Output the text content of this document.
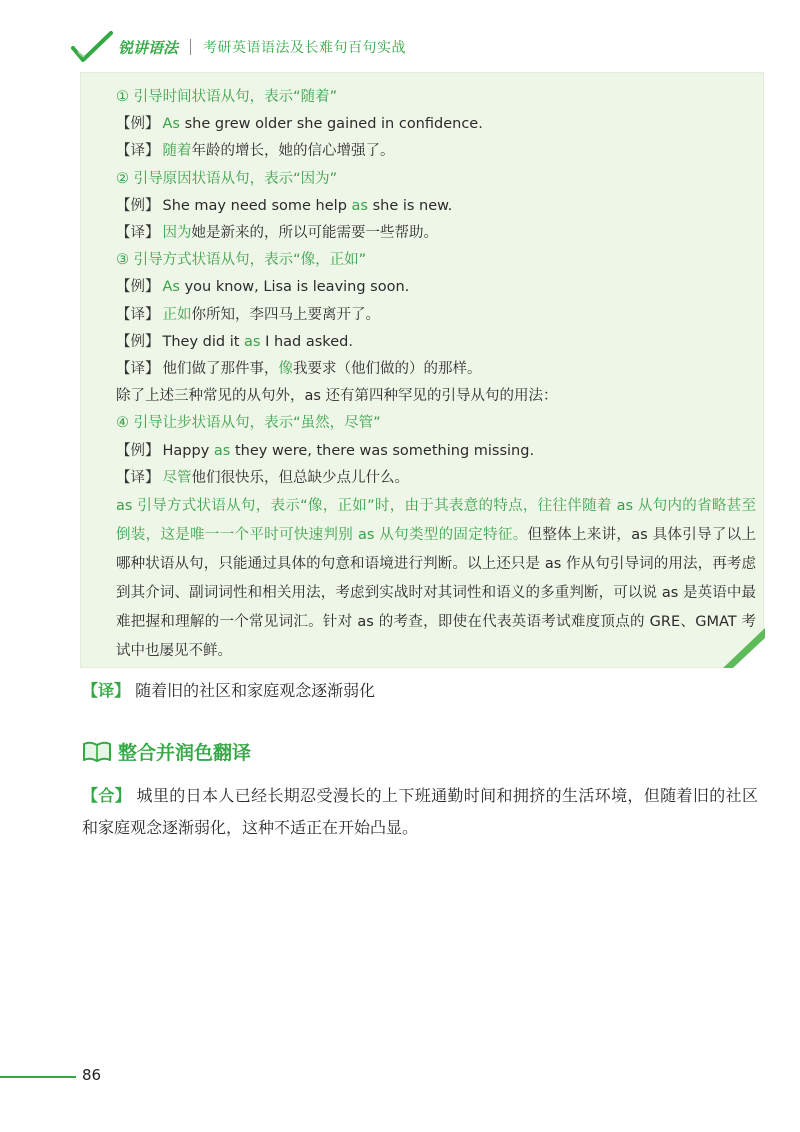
锐讲语法 考研英语语法及长难句百句实战
① 引导时间状语从句，表示“随着”
【例】 As she grew older she gained in confidence.
【译】 随着年龄的增长，她的信心增强了。
② 引导原因状语从句，表示“因为”
【例】 She may need some help as she is new.
【译】 因为她是新来的，所以可能需要一些帮助。
③ 引导方式状语从句，表示“像，正如”
【例】 As you know, Lisa is leaving soon.
【译】 正如你所知，李四马上要离开了。
【例】 They did it as I had asked.
【译】 他们做了那件事，像我要求（他们做的）的那样。
除了上述三种常见的从句外，as 还有第四种罕见的引导从句的用法：
④ 引导让步状语从句，表示“虽然，尽管”
【例】 Happy as they were, there was something missing.
【译】 尽管他们很快乐，但总缺少点儿什么。
as 引导方式状语从句，表示“像，正如”时，由于其表意的特点，往往伴随着 as 从句内的省略甚至倒装，这是唯一一个平时可快速判别 as 从句类型的固定特征。但整体上来讲，as 具体引导了以上哪种状语从句，只能通过具体的句意和语境进行判断。以上还只是 as 作从句引导词的用法，再考虑到其介词、副词词性和相关用法，考虑到实战时对其词性和语义的多重判断，可以说 as 是英语中最难把握和理解的一个常见词汇。针对 as 的考查，即使在代表英语考试难度顶点的 GRE、GMAT 考试中也屡见不鲜。
【译】 随着旧的社区和家庭观念逐渐弱化
整合并润色翻译
【合】 城里的日本人已经长期忍受漫长的上下班通勤时间和拥挤的生活环境，但随着旧的社区和家庭观念逐渐弱化，这种不适正在开始凸显。
86
